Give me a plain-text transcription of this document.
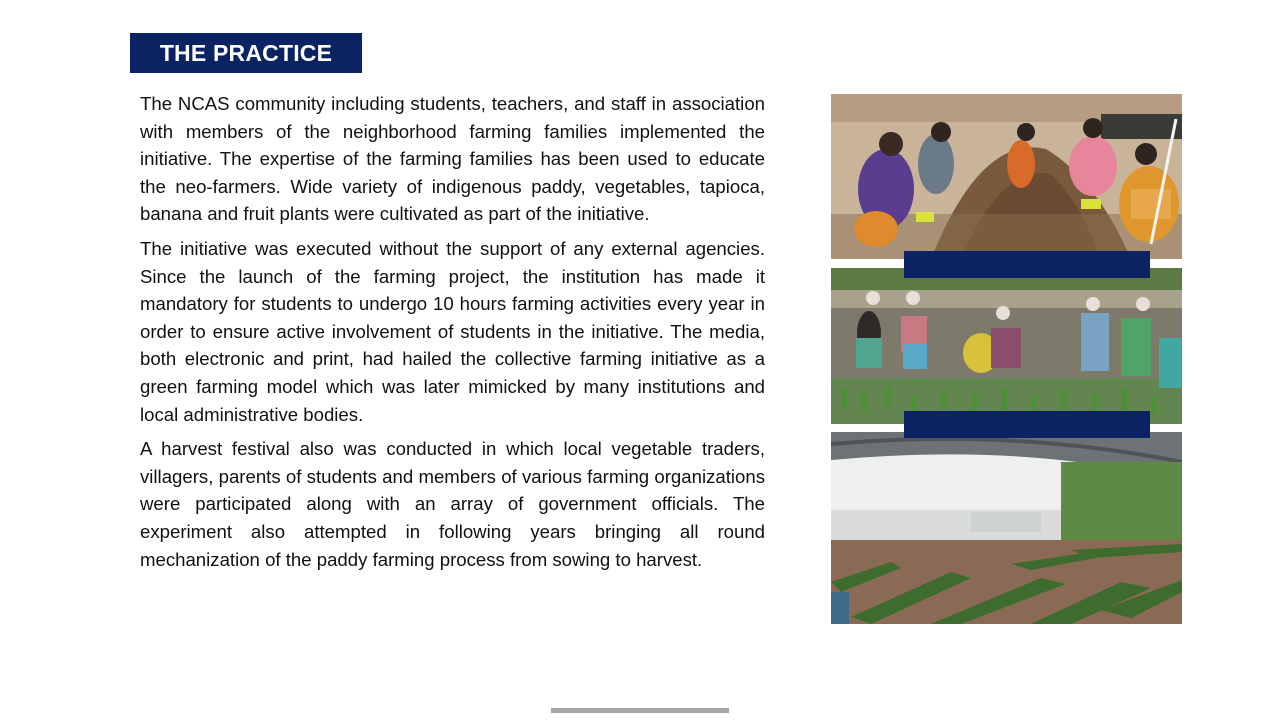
THE PRACTICE

The NCAS community including students, teachers, and staff in association with members of the neighborhood farming families implemented the initiative. The expertise of the farming families has been used to educate the neo-farmers. Wide variety of indigenous paddy, vegetables, tapioca, banana and fruit plants were cultivated as part of the initiative.

The initiative was executed without the support of any external agencies. Since the launch of the farming project, the institution has made it mandatory for students to undergo 10 hours farming activities every year in order to ensure active involvement of students in the initiative. The media, both electronic and print, had hailed the collective farming initiative as a green farming model which was later mimicked by many institutions and local administrative bodies.

A harvest festival also was conducted in which local vegetable traders, villagers, parents of students and members of various farming organizations were participated along with an array of government officials. The experiment also attempted in following years bringing all round mechanization of the paddy farming process from sowing to harvest.
